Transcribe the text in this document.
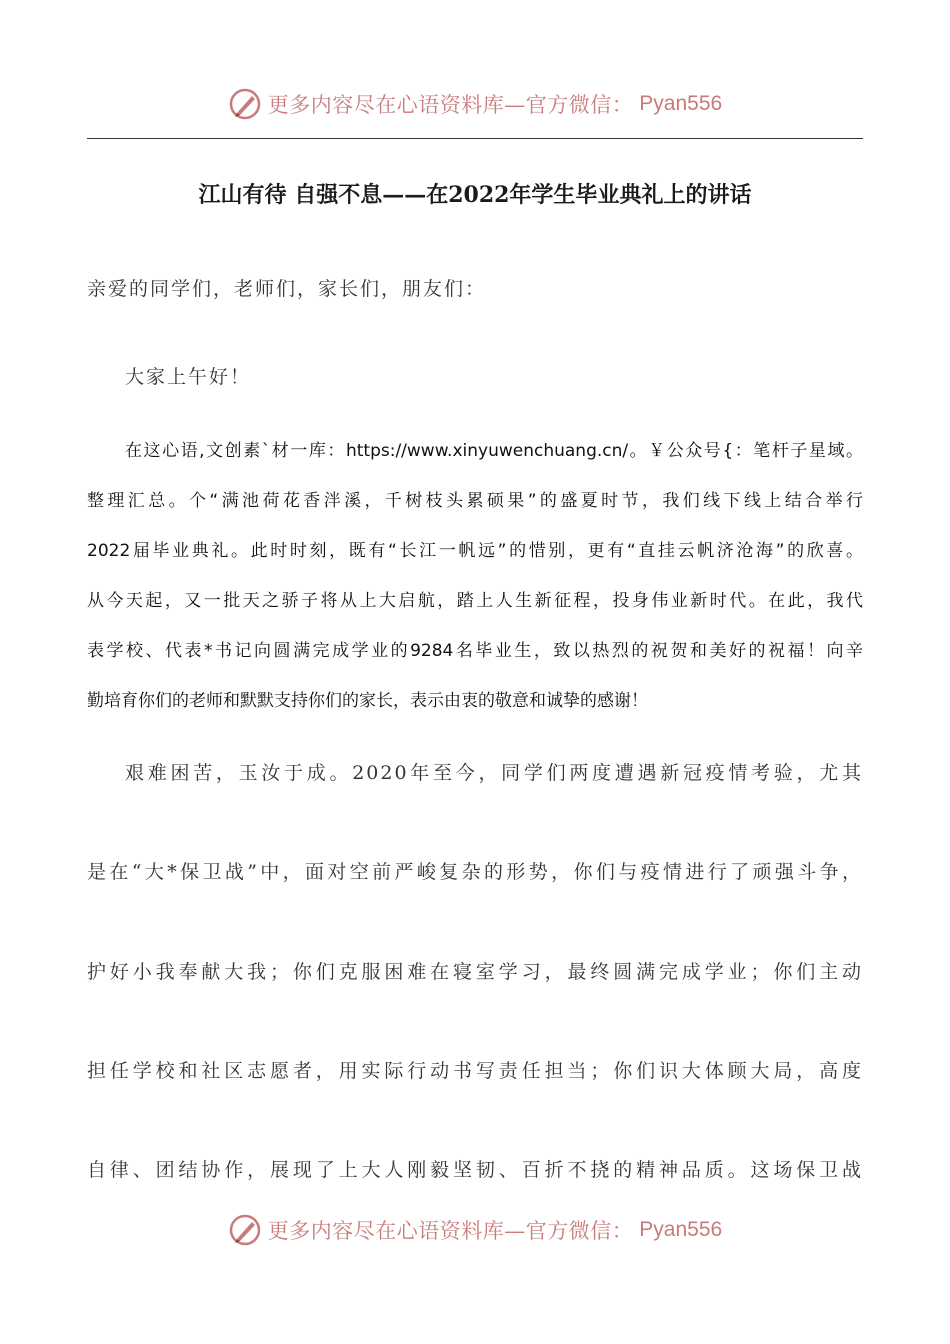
更多内容尽在心语资料库—官方微信： Pyan556
江山有待 自强不息——在2022年学生毕业典礼上的讲话
亲爱的同学们，老师们，家长们，朋友们：
大家上午好！
在这心语,文创素`材一库：https://www.xinyuwenchuang.cn/。￥公众号{：笔杆子星域。
整理汇总。个“满池荷花香泮溪，千树枝头累硕果”的盛夏时节，我们线下线上结合举行
2022届毕业典礼。此时时刻，既有“长江一帆远”的惜别，更有“直挂云帆济沧海”的欣喜。
从今天起，又一批天之骄子将从上大启航，踏上人生新征程，投身伟业新时代。在此，我代
表学校、代表*书记向圆满完成学业的9284名毕业生，致以热烈的祝贺和美好的祝福！向辛
勤培育你们的老师和默默支持你们的家长，表示由衷的敬意和诚挚的感谢！
艰难困苦，玉汝于成。2020年至今，同学们两度遭遇新冠疫情考验，尤其
是在“大*保卫战”中，面对空前严峻复杂的形势，你们与疫情进行了顽强斗争，
护好小我奉献大我；你们克服困难在寝室学习，最终圆满完成学业；你们主动
担任学校和社区志愿者，用实际行动书写责任担当；你们识大体顾大局，高度
自律、团结协作，展现了上大人刚毅坚韧、百折不挠的精神品质。这场保卫战
更多内容尽在心语资料库—官方微信： Pyan556
